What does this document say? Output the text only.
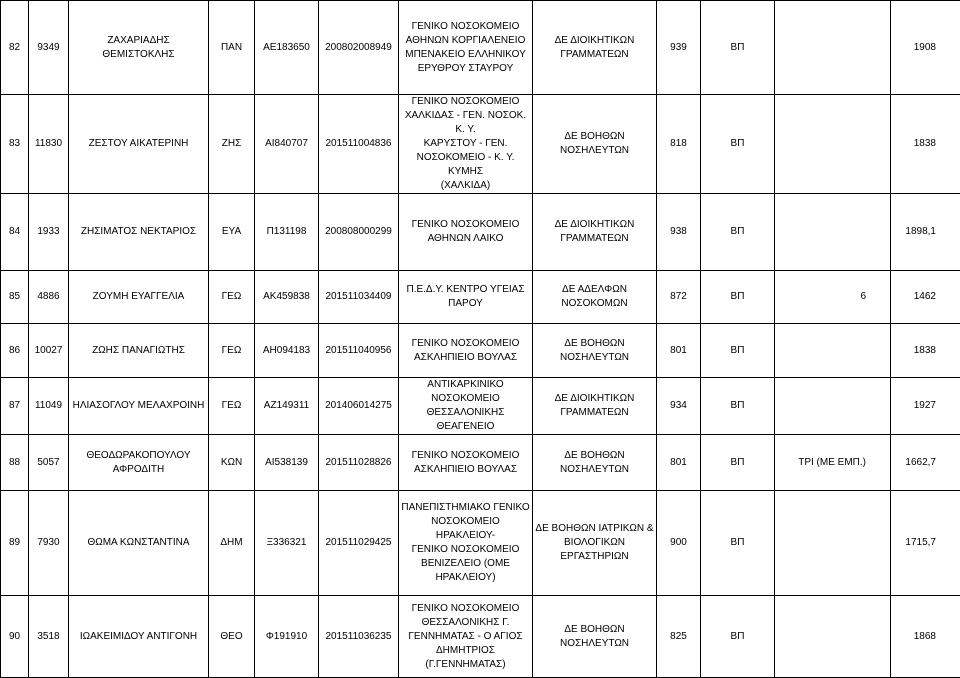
82	9349	ΖΑΧΑΡΙΑΔΗΣ ΘΕΜΙΣΤΟΚΛΗΣ	ΠΑΝ	ΑΕ183650	200802008949	ΓΕΝΙΚΟ ΝΟΣΟΚΟΜΕΙΟ
ΑΘΗΝΩΝ ΚΟΡΓΙΑΛΕΝΕΙΟ
ΜΠΕΝΑΚΕΙΟ ΕΛΛΗΝΙΚΟΥ
ΕΡΥΘΡΟΥ ΣΤΑΥΡΟΥ	ΔΕ ΔΙΟΙΚΗΤΙΚΩΝ
ΓΡΑΜΜΑΤΕΩΝ	939	ΒΠ		1908
83	11830	ΖΕΣΤΟΥ ΑΙΚΑΤΕΡΙΝΗ	ΖΗΣ	ΑΙ840707	201511004836	ΓΕΝΙΚΟ ΝΟΣΟΚΟΜΕΙΟ
ΧΑΛΚΙΔΑΣ - ΓΕΝ. ΝΟΣΟΚ. Κ. Υ.
ΚΑΡΥΣΤΟΥ - ΓΕΝ.
ΝΟΣΟΚΟΜΕΙΟ - Κ. Υ. ΚΥΜΗΣ
(ΧΑΛΚΙΔΑ)	ΔΕ ΒΟΗΘΩΝ ΝΟΣΗΛΕΥΤΩΝ	818	ΒΠ		1838
84	1933	ΖΗΣΙΜΑΤΟΣ ΝΕΚΤΑΡΙΟΣ	ΕΥΑ	Π131198	200808000299	ΓΕΝΙΚΟ ΝΟΣΟΚΟΜΕΙΟ
ΑΘΗΝΩΝ ΛΑΙΚΟ	ΔΕ ΔΙΟΙΚΗΤΙΚΩΝ
ΓΡΑΜΜΑΤΕΩΝ	938	ΒΠ		1898,1
85	4886	ΖΟΥΜΗ ΕΥΑΓΓΕΛΙΑ	ΓΕΩ	ΑΚ459838	201511034409	Π.Ε.Δ.Υ. ΚΕΝΤΡΟ ΥΓΕΙΑΣ ΠΑΡΟΥ	ΔΕ ΑΔΕΛΦΩΝ
ΝΟΣΟΚΟΜΩΝ	872	ΒΠ	6	1462
86	10027	ΖΩΗΣ ΠΑΝΑΓΙΩΤΗΣ	ΓΕΩ	ΑΗ094183	201511040956	ΓΕΝΙΚΟ ΝΟΣΟΚΟΜΕΙΟ
ΑΣΚΛΗΠΙΕΙΟ ΒΟΥΛΑΣ	ΔΕ ΒΟΗΘΩΝ ΝΟΣΗΛΕΥΤΩΝ	801	ΒΠ		1838
87	11049	ΗΛΙΑΣΟΓΛΟΥ ΜΕΛΑΧΡΟΙΝΗ	ΓΕΩ	ΑΖ149311	201406014275	ΑΝΤΙΚΑΡΚΙΝΙΚΟ ΝΟΣΟΚΟΜΕΙΟ
ΘΕΣΣΑΛΟΝΙΚΗΣ ΘΕΑΓΕΝΕΙΟ	ΔΕ ΔΙΟΙΚΗΤΙΚΩΝ
ΓΡΑΜΜΑΤΕΩΝ	934	ΒΠ		1927
88	5057	ΘΕΟΔΩΡΑΚΟΠΟΥΛΟΥ ΑΦΡΟΔΙΤΗ	ΚΩΝ	ΑΙ538139	201511028826	ΓΕΝΙΚΟ ΝΟΣΟΚΟΜΕΙΟ
ΑΣΚΛΗΠΙΕΙΟ ΒΟΥΛΑΣ	ΔΕ ΒΟΗΘΩΝ ΝΟΣΗΛΕΥΤΩΝ	801	ΒΠ	ΤΡΙ (ΜΕ ΕΜΠ.)	1662,7
89	7930	ΘΩΜΑ ΚΩΝΣΤΑΝΤΙΝΑ	ΔΗΜ	Ξ336321	201511029425	ΠΑΝΕΠΙΣΤΗΜΙΑΚΟ ΓΕΝΙΚΟ
ΝΟΣΟΚΟΜΕΙΟ ΗΡΑΚΛΕΙΟΥ-
ΓΕΝΙΚΟ ΝΟΣΟΚΟΜΕΙΟ
ΒΕΝΙΖΕΛΕΙΟ (ΟΜΕ ΗΡΑΚΛΕΙΟΥ)	ΔΕ ΒΟΗΘΩΝ ΙΑΤΡΙΚΩΝ &
ΒΙΟΛΟΓΙΚΩΝ ΕΡΓΑΣΤΗΡΙΩΝ	900	ΒΠ		1715,7
90	3518	ΙΩΑΚΕΙΜΙΔΟΥ ΑΝΤΙΓΟΝΗ	ΘΕΟ	Φ191910	201511036235	ΓΕΝΙΚΟ ΝΟΣΟΚΟΜΕΙΟ
ΘΕΣΣΑΛΟΝΙΚΗΣ Γ.
ΓΕΝΝΗΜΑΤΑΣ - Ο ΑΓΙΟΣ
ΔΗΜΗΤΡΙΟΣ (Γ.ΓΕΝΝΗΜΑΤΑΣ)	ΔΕ ΒΟΗΘΩΝ ΝΟΣΗΛΕΥΤΩΝ	825	ΒΠ		1868
